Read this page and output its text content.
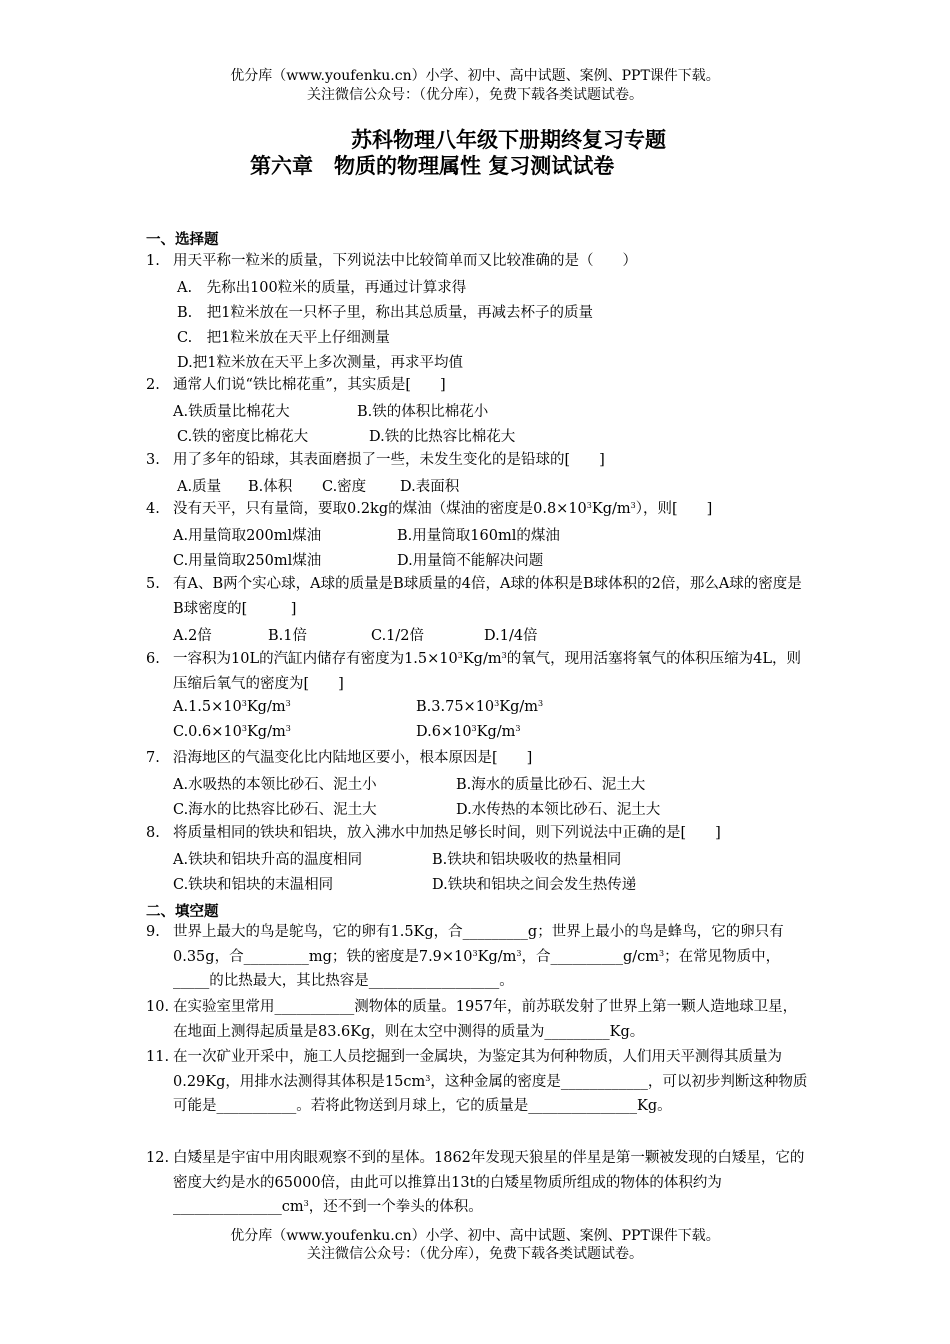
优分库（www.youfenku.cn）小学、初中、高中试题、案例、PPT课件下载。
关注微信公众号：（优分库），免费下载各类试题试卷。
苏科物理八年级下册期终复习专题
第六章　物质的物理属性 复习测试试卷
一、选择题
1. 用天平称一粒米的质量，下列说法中比较简单而又比较准确的是（　　）
A.　先称出100粒米的质量，再通过计算求得
B.　把1粒米放在一只杯子里，称出其总质量，再减去杯子的质量
C.　把1粒米放在天平上仔细测量
D.把1粒米放在天平上多次测量，再求平均值
2. 通常人们说“铁比棉花重”，其实质是[　　]
A.铁质量比棉花大	B.铁的体积比棉花小
C.铁的密度比棉花大	D.铁的比热容比棉花大
3. 用了多年的铅球，其表面磨损了一些，未发生变化的是铅球的[　　]
A.质量 B.体积 C.密度 D.表面积
4. 没有天平，只有量筒，要取0.2kg的煤油（煤油的密度是$0.8\times 10^3Kg/m^3$），则[　　]
A.用量筒取200ml煤油	B.用量筒取160ml的煤油
C.用量筒取250ml煤油	D.用量筒不能解决问题
5. 有A、B两个实心球，A球的质量是B球质量的4倍，A球的体积是B球体积的2倍，那么A球的密度是B球密度的[　　　]
A.2倍	B.1倍	C.1/2倍	D.1/4倍
6. 一容积为10L的汽缸内储存有密度为$1.5\times 10^3Kg/m^3$的氧气，现用活塞将氧气的体积压缩为4L，则压缩后氧气的密度为[　　]
$A.1.5\times 10^3Kg/m^3$	$B.3.75\times 10^3Kg/m^3$
$C.0.6\times 10^3Kg/m^3$	$D.6\times 10^3Kg/m^3$
7. 沿海地区的气温变化比内陆地区要小，根本原因是[　　]
A.水吸热的本领比砂石、泥土小	B.海水的质量比砂石、泥土大
C.海水的比热容比砂石、泥土大	D.水传热的本领比砂石、泥土大
8. 将质量相同的铁块和铝块，放入沸水中加热足够长时间，则下列说法中正确的是[　　]
A.铁块和铝块升高的温度相同	B.铁块和铝块吸收的热量相同
C.铁块和铝块的末温相同	D.铁块和铝块之间会发生热传递
二、填空题
9. 世界上最大的鸟是鸵鸟，它的卵有1.5Kg，合_________g；世界上最小的鸟是蜂鸟，它的卵只有0.35g，合_________mg；铁的密度是$7.9\times 10^3Kg/m^3$，合$\_\_\_\_\_\_\_\_\_\_g/cm^3$；在常见物质中，_____的比热最大，其比热容是__________________。
10. 在实验室里常用___________测物体的质量。1957年，前苏联发射了世界上第一颗人造地球卫星，在地面上测得起质量是83.6Kg，则在太空中测得的质量为_________Kg。
11. 在一次矿业开采中，施工人员挖掘到一金属块，为鉴定其为何种物质，人们用天平测得其质量为0.29Kg，用排水法测得其体积是$15cm^3$，这种金属的密度是____________，可以初步判断这种物质可能是___________。若将此物送到月球上，它的质量是_______________Kg。
12. 白矮星是宇宙中用肉眼观察不到的星体。1862年发现天狼星的伴星是第一颗被发现的白矮星，它的密度大约是水的65000倍，由此可以推算出13t的白矮星物质所组成的物体的体积约为$\_\_\_\_\_\_\_\_\_\_\_\_\_\_\_cm^3$，还不到一个拳头的体积。
优分库（www.youfenku.cn）小学、初中、高中试题、案例、PPT课件下载。
关注微信公众号：（优分库），免费下载各类试题试卷。
